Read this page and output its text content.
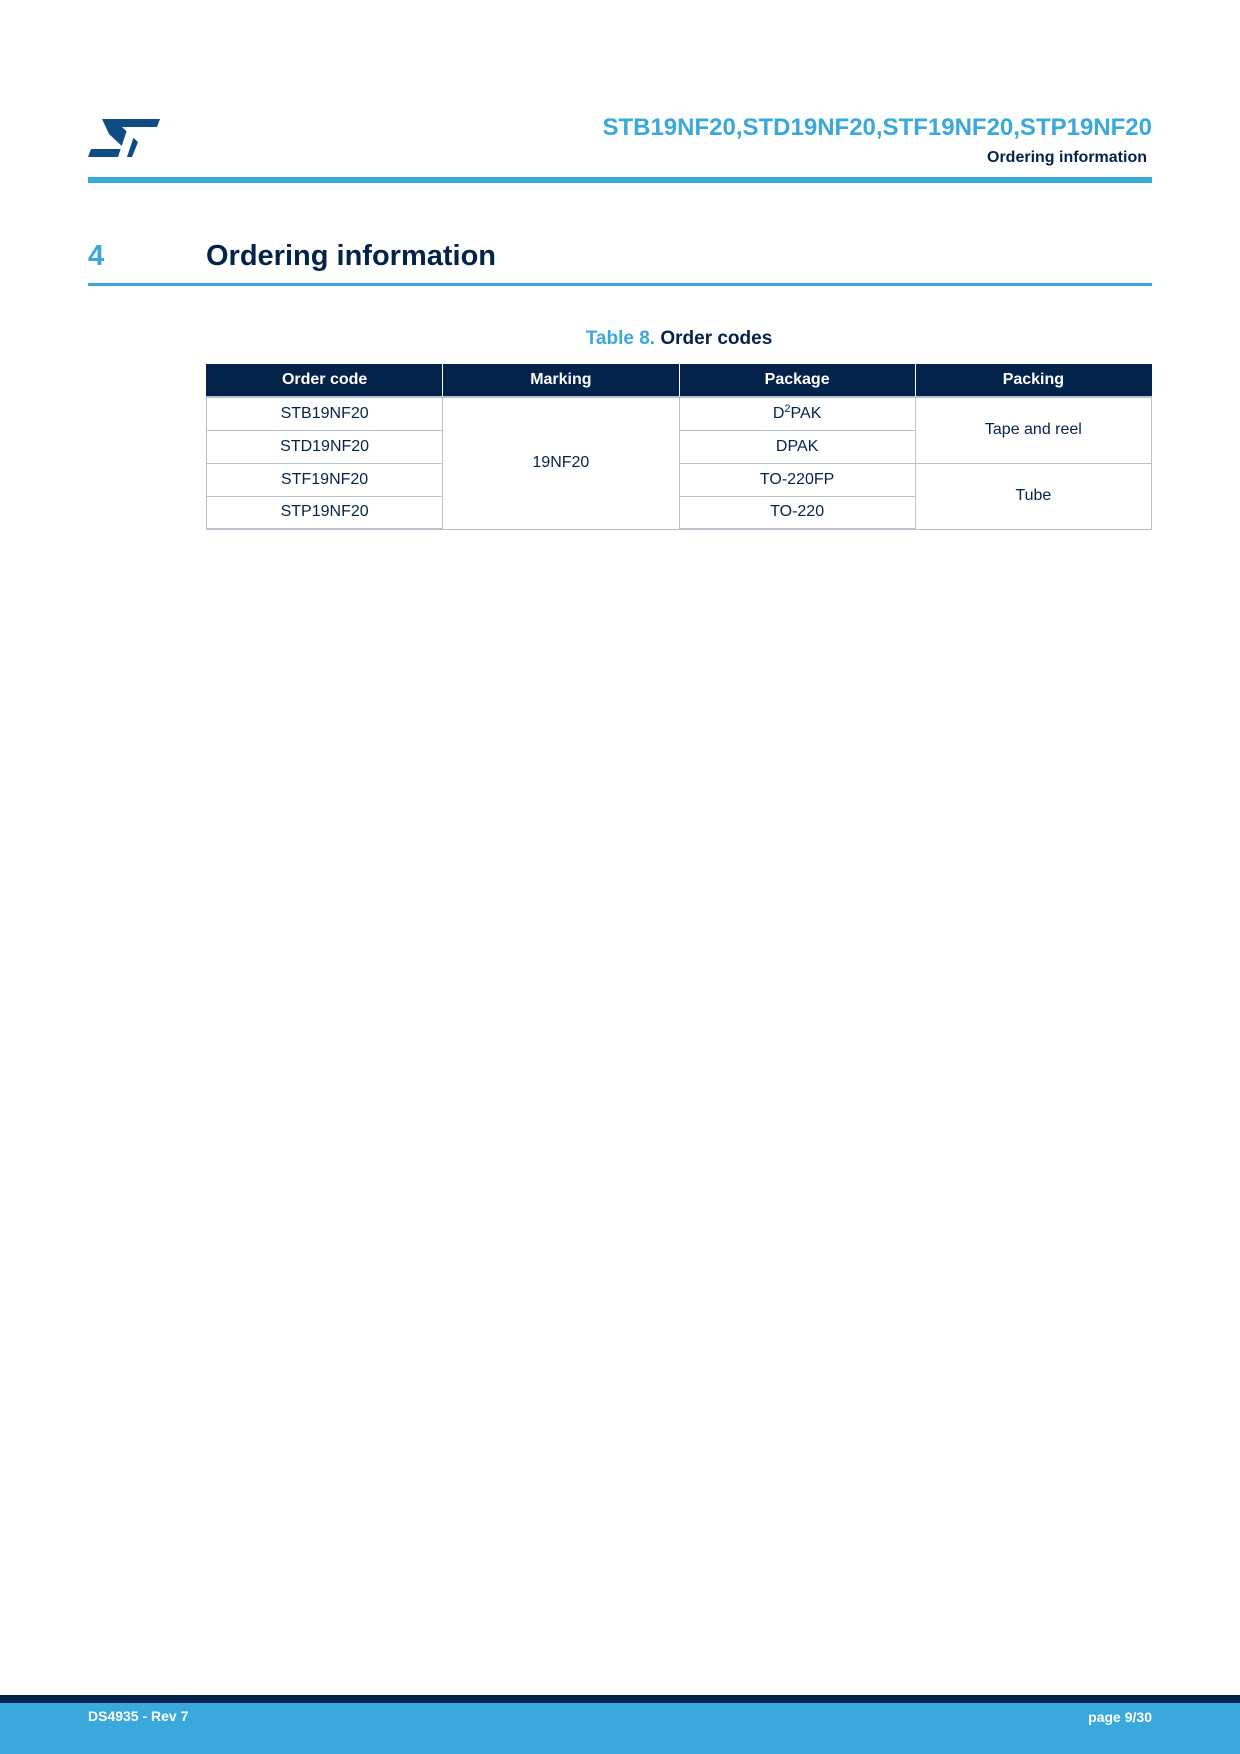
STB19NF20,STD19NF20,STF19NF20,STP19NF20
Ordering information
4	Ordering information
Table 8. Order codes
Order code	Marking	Package	Packing
STB19NF20	19NF20	$D^2PAK$	Tape and reel
STD19NF20		DPAK	
STF19NF20		TO-220FP	Tube
STP19NF20		TO-220	
DS4935 - Rev 7	page 9/30
